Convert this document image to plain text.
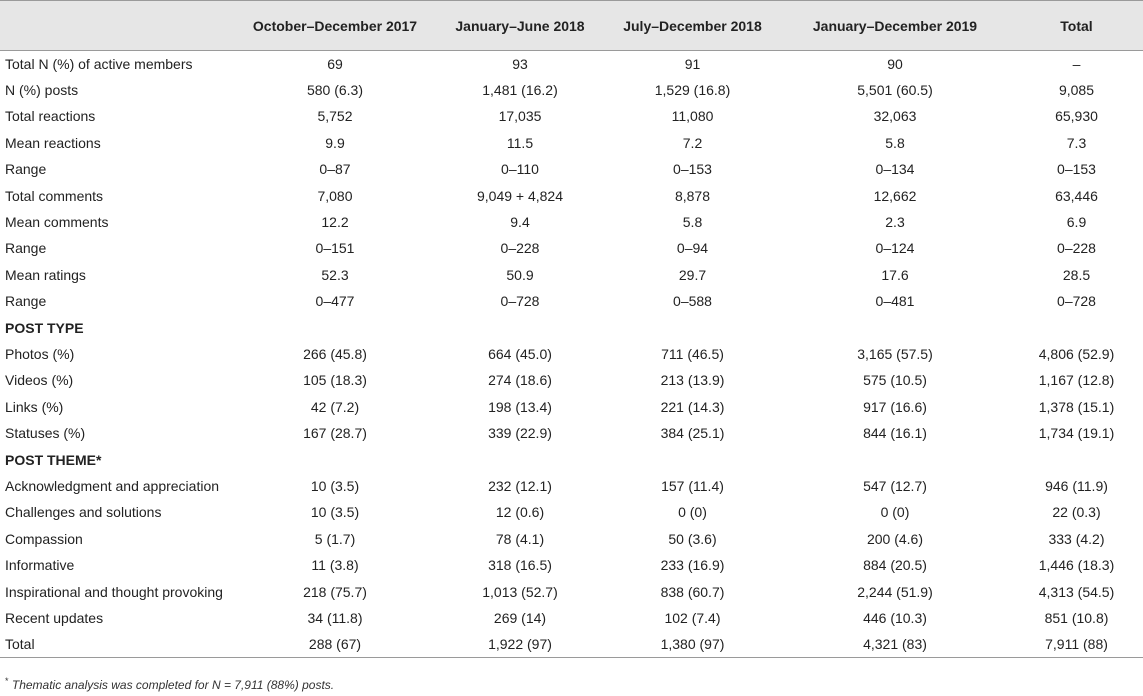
	October–December 2017	January–June 2018	July–December 2018	January–December 2019	Total
Total N (%) of active members	69	93	91	90	–
N (%) posts	580 (6.3)	1,481 (16.2)	1,529 (16.8)	5,501 (60.5)	9,085
Total reactions	5,752	17,035	11,080	32,063	65,930
Mean reactions	9.9	11.5	7.2	5.8	7.3
Range	0–87	0–110	0–153	0–134	0–153
Total comments	7,080	9,049 + 4,824	8,878	12,662	63,446
Mean comments	12.2	9.4	5.8	2.3	6.9
Range	0–151	0–228	0–94	0–124	0–228
Mean ratings	52.3	50.9	29.7	17.6	28.5
Range	0–477	0–728	0–588	0–481	0–728
POST TYPE					
Photos (%)	266 (45.8)	664 (45.0)	711 (46.5)	3,165 (57.5)	4,806 (52.9)
Videos (%)	105 (18.3)	274 (18.6)	213 (13.9)	575 (10.5)	1,167 (12.8)
Links (%)	42 (7.2)	198 (13.4)	221 (14.3)	917 (16.6)	1,378 (15.1)
Statuses (%)	167 (28.7)	339 (22.9)	384 (25.1)	844 (16.1)	1,734 (19.1)
POST THEME*					
Acknowledgment and appreciation	10 (3.5)	232 (12.1)	157 (11.4)	547 (12.7)	946 (11.9)
Challenges and solutions	10 (3.5)	12 (0.6)	0 (0)	0 (0)	22 (0.3)
Compassion	5 (1.7)	78 (4.1)	50 (3.6)	200 (4.6)	333 (4.2)
Informative	11 (3.8)	318 (16.5)	233 (16.9)	884 (20.5)	1,446 (18.3)
Inspirational and thought provoking	218 (75.7)	1,013 (52.7)	838 (60.7)	2,244 (51.9)	4,313 (54.5)
Recent updates	34 (11.8)	269 (14)	102 (7.4)	446 (10.3)	851 (10.8)
Total	288 (67)	1,922 (97)	1,380 (97)	4,321 (83)	7,911 (88)
* Thematic analysis was completed for N = 7,911 (88%) posts.
